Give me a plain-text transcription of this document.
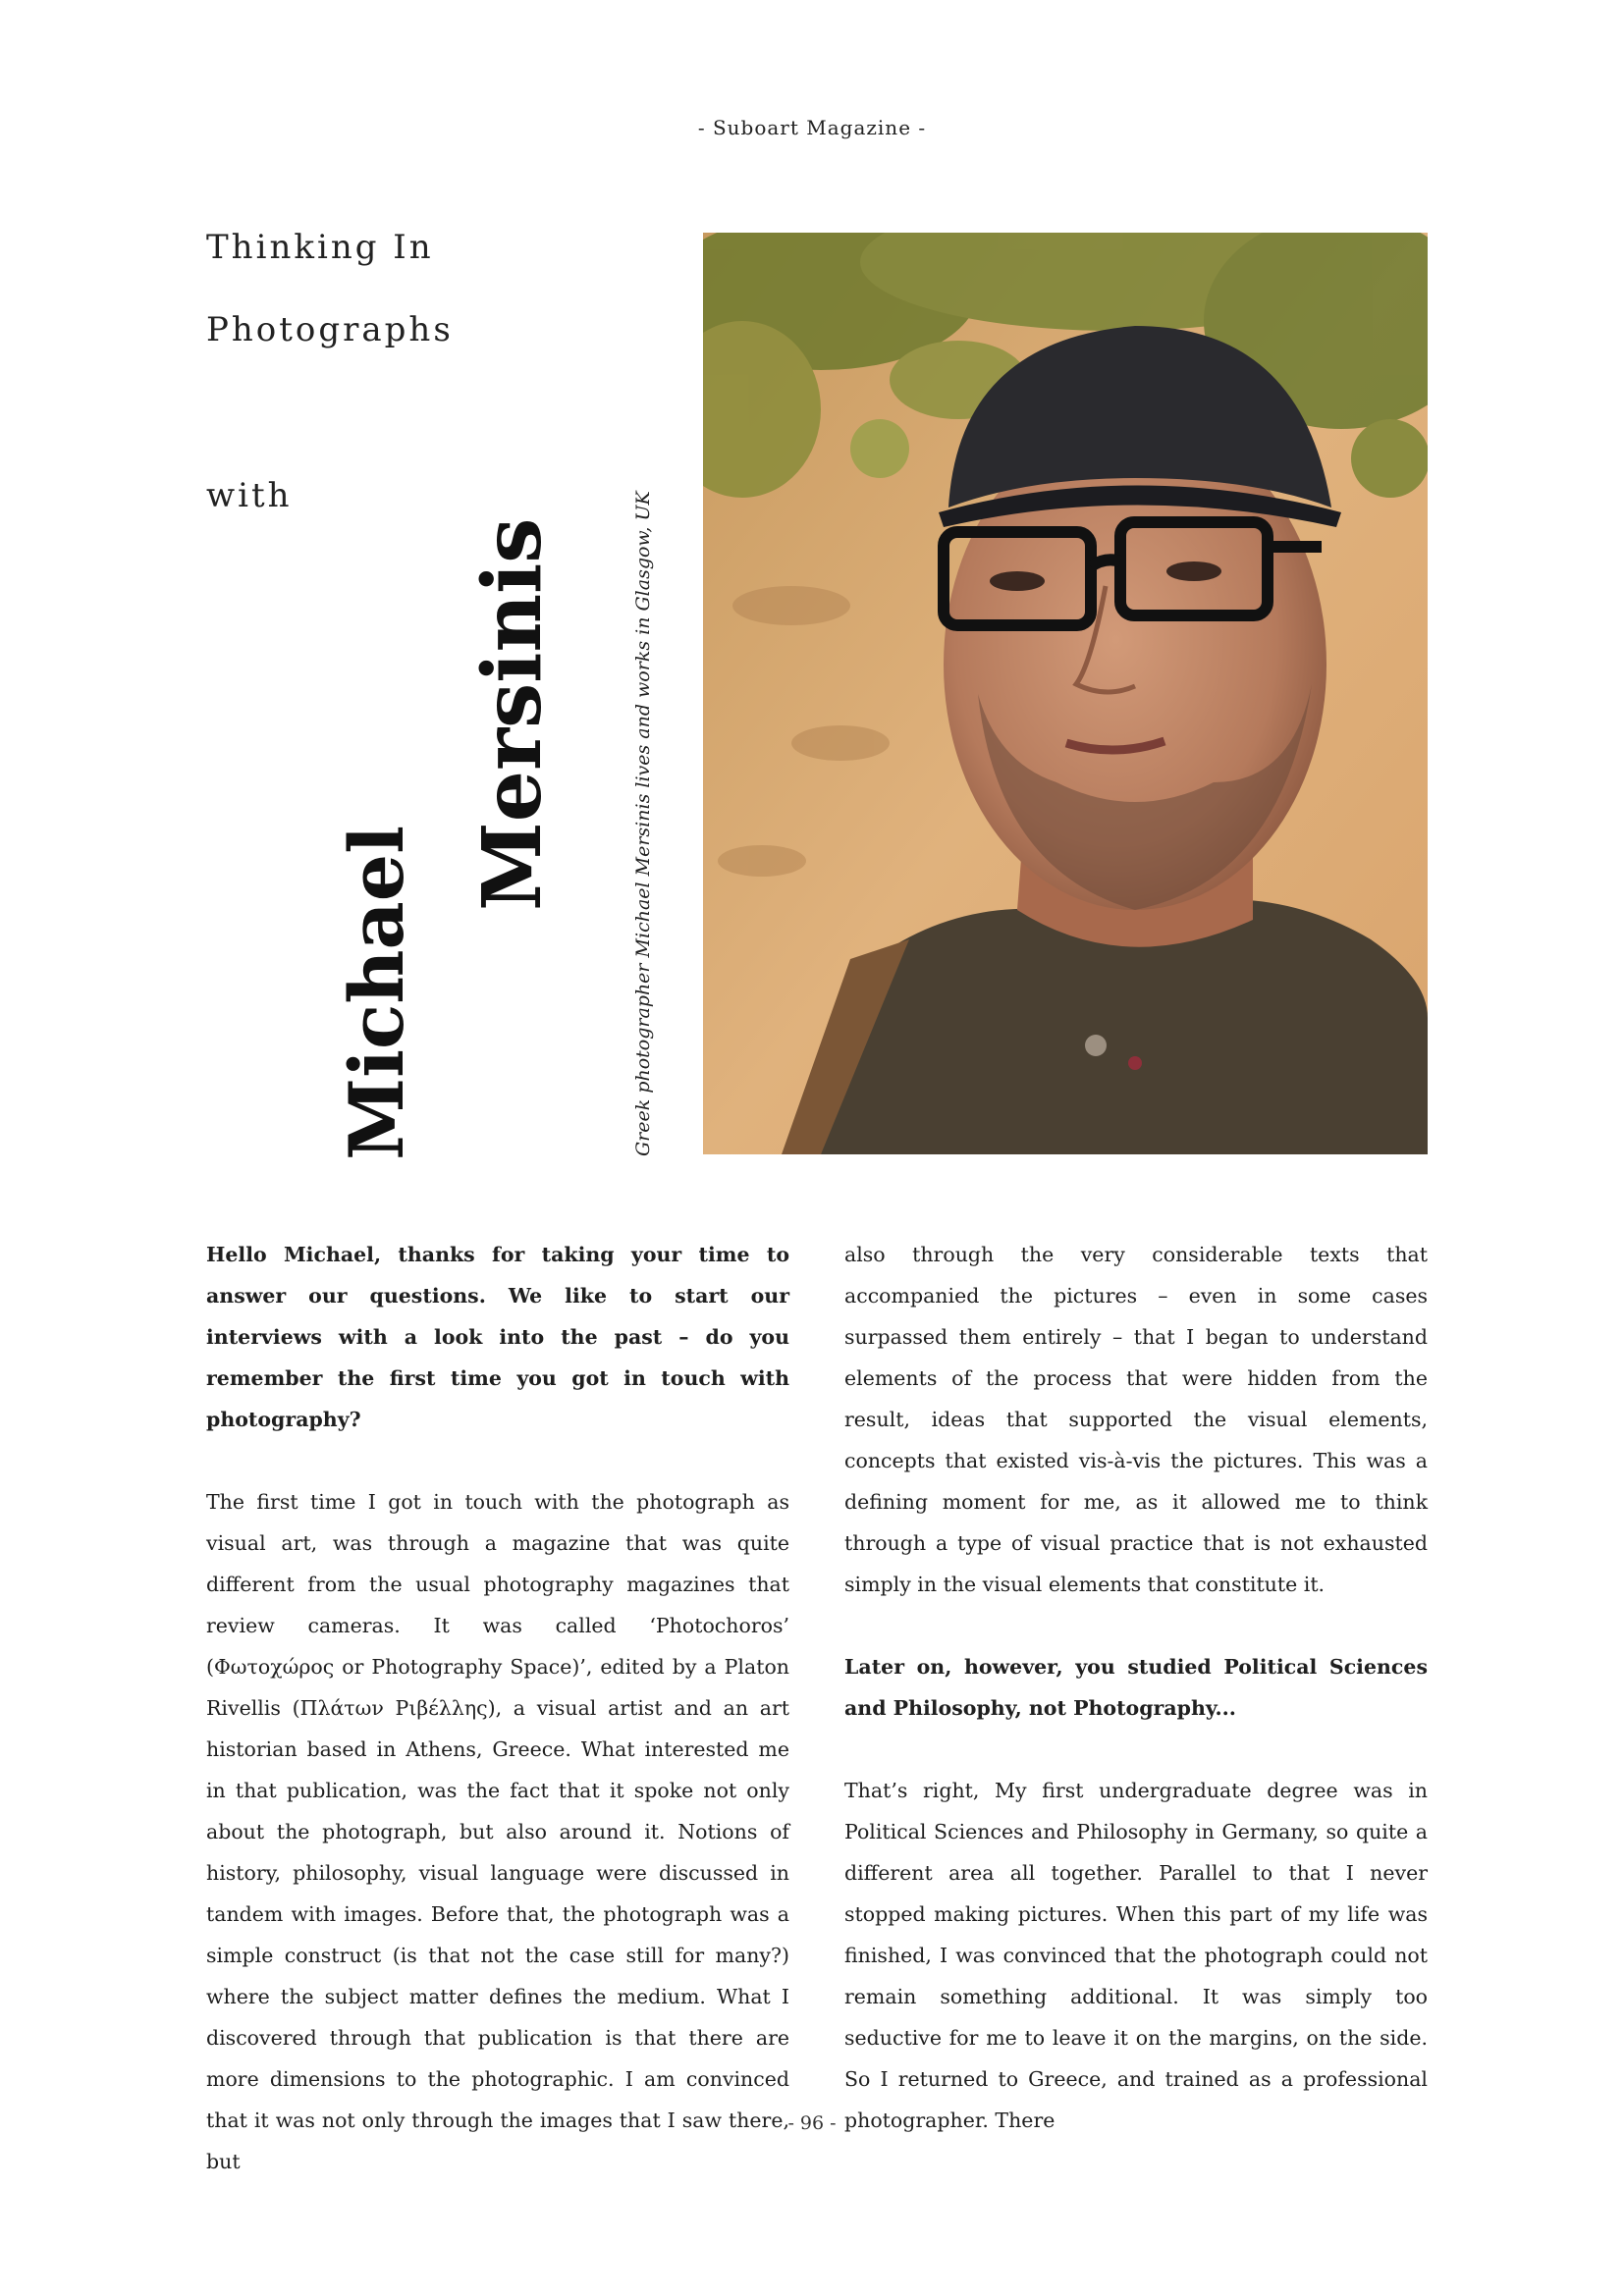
- Suboart Magazine -
Thinking In
Photographs
with
Michael
Mersinis	Greek photographer Michael Mersinis lives and works in Glasgow, UK

Hello Michael, thanks for taking your time to answer our questions. We like to start our interviews with a look into the past – do you remember the first time you got in touch with photography?

The first time I got in touch with the photograph as visual art, was through a magazine that was quite different from the usual photography magazines that review cameras. It was called ‘Photochoros’ (Φωτοχώρος or Photography Space)’, edited by a Platon Rivellis (Πλάτων Ριβέλλης), a visual artist and an art historian based in Athens, Greece. What interested me in that publication, was the fact that it spoke not only about the photograph, but also around it. Notions of history, philosophy, visual language were discussed in tandem with images. Before that, the photograph was a simple construct (is that not the case still for many?) where the subject matter defines the medium. What I discovered through that publication is that there are more dimensions to the photographic. I am convinced that it was not only through the images that I saw there, but

also through the very considerable texts that accompanied the pictures – even in some cases surpassed them entirely – that I began to understand elements of the process that were hidden from the result, ideas that supported the visual elements, concepts that existed vis-à-vis the pictures. This was a defining moment for me, as it allowed me to think through a type of visual practice that is not exhausted simply in the visual elements that constitute it.

Later on, however, you studied Political Sciences and Philosophy, not Photography...

That’s right, My first undergraduate degree was in Political Sciences and Philosophy in Germany, so quite a different area all together. Parallel to that I never stopped making pictures. When this part of my life was finished, I was convinced that the photograph could not remain something additional. It was simply too seductive for me to leave it on the margins, on the side. So I returned to Greece, and trained as a professional photographer. There

- 96 -
